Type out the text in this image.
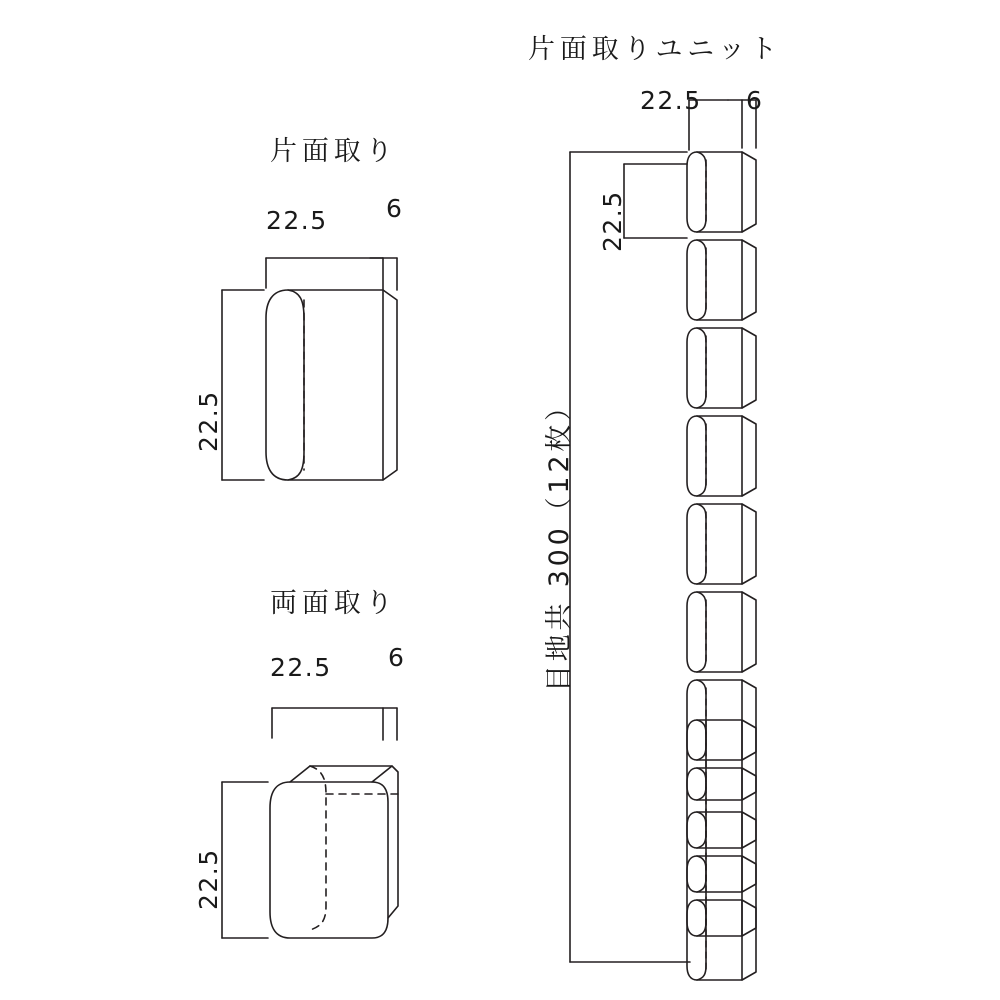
片面取り
22.5 6
22.5
両面取り
22.5 6
22.5
片面取りユニット
22.5 6
22.5
目地共 300（12枚）
